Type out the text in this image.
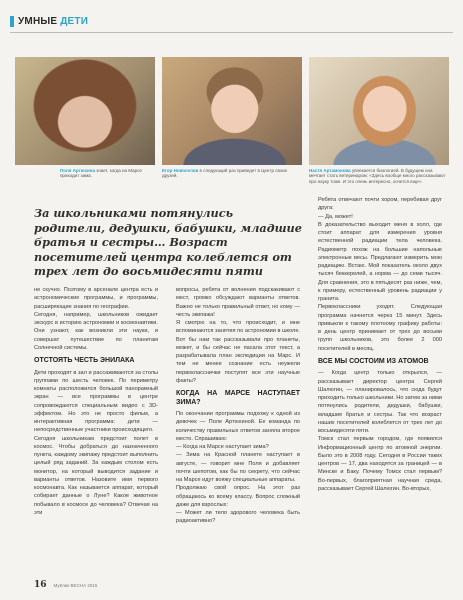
УМНЫЕ ДЕТИ
Поля Артюхина знает, когда на Марсе приходит зима.
Егор Новоселов в следующий раз приведет в Центр своих друзей.
Настя Артамонова увлекается биологией. В будущем она мечтает стать ветеринаром: «Здесь вообще много рассказывают про науку тоже. И это очень интересно, хочется еще».
За школьниками потянулись родители, дедушки, бабушки, младшие братья и сестры… Возраст посетителей центра колеблется от трех лет до восьмидесяти пяти

не скучно. Поэтому в арсенале центра есть и астрономические программы, и программы, расширяющие знания по географии.

Сегодня, например, школьников ожидает экскурс в историю астрономии и космонавтики. Они узнают, как возникли эти науки, и совершат путешествие по планетам Солнечной системы.

ОТСТОЯТЬ ЧЕСТЬ ЭНИЛАКА

Дети проходят в зал и рассаживаются за столы группами по шесть человек. По периметру комнаты расположился большой панорамный экран — все программы в центре сопровождаются специальным видео с 3D-эффектом. Но это не просто фильм, а интерактивная программа: дети — непосредственные участники происходящего.

Сегодня школьникам предстоит полет в космос. Чтобы добраться до назначенного пункта, каждому экипажу предстоит выполнить целый ряд заданий. За каждым столом есть монитор, на который выводится задание и варианты ответов. Назовите имя первого космонавта. Как называется аппарат, который собирает данные о Луне? Какое животное побывало в космосе до человека? Отвечая на эти

вопросы, ребята от волнения подскакивают с мест, громко обсуждают варианты ответов. Важно не только правильный ответ, но кому — честь экипажа!

Я смотрю на то, что происходит, и мне вспоминаются занятия по астрономии в школе. Вот бы нам так рассказывали про планеты, может, и бы сейчас не пасала этот текст, а разрабатывала план экспедиции на Марс. И тем не менее сознание есть неужели первокласснички поступят все эти научные факты?

КОГДА НА МАРСЕ НАСТУПАЕТ ЗИМА?

По окончании программы подхожу к одной из девочек — Поле Артюхиной. Ее команда по количеству правильных ответов заняла второе место. Спрашиваю:

— Когда на Марсе наступает зима?

— Зима на Красной планете наступает в августе, — говорит мне Поля и добавляет почти шепотом, как бы по секрету, что сейчас на Марсе идут вояжу специальные аппараты.

Продолжаю свой опрос. На этот раз обращаюсь ко всему классу. Вопрос сложный даже для взрослых:

— Может ли тело здорового человека быть радиоактивно?

Ребята отвечают почти хором, перебивая друг друга:

— Да, может!

В доказательство выходит меня в холл, где стоит аппарат для измерения уровня естественной радиации тела человека. Радиометр похож на большие напольные электронные весы. Предлагают измерить мою радиацию. Встаю. Мой показатель около двух тысяч беккерелей, а норма — до семи тысяч. Для сравнения, это в пятьдесят раз ниже, чем, к примеру, естественный уровень радиации у гранита.

Первоклассники уходят. Следующая программа начнется через 15 минут. Здесь привыкли к такому плотному графику работы: в день центр принимает от трех до восьми групп школьников, это более 2 000 посетителей в месяц.

ВСЕ МЫ СОСТОИМ ИЗ АТОМОВ

— Когда центр только открылся, — рассказывает директор центра Сергей Шалюгин, — планировалось, что сюда будут приходить только школьники. Но затем за ними потянулись родители, дедушки, бабушки, младшие братья и сестры. Так что возраст наших посетителей колеблется от трех лет до восьмидесяти пяти.

Томск стал первым городом, где появился Информационный центр по атомной энергии. Было это в 2008 году. Сегодня в России таких центров — 17, два находятся за границей — в Минске и Баку. Почему Томск стал первым? Во-первых, благоприятная научная среда, рассказывает Сергей Шалюгин. Во-вторых,

16 МуКлик ВЕСНА 2015
